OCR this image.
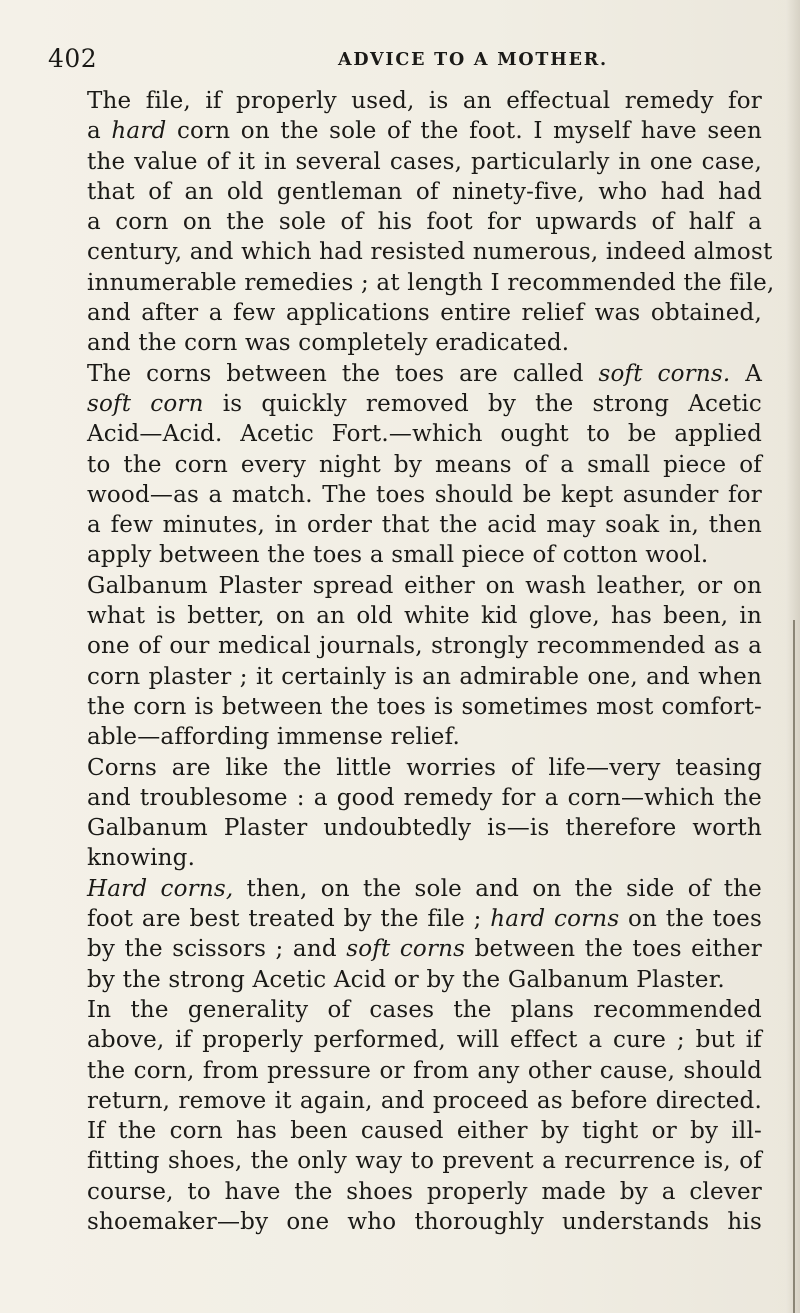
402	ADVICE TO A MOTHER.
The file, if properly used, is an effectual remedy for
a hard corn on the sole of the foot. I myself have seen
the value of it in several cases, particularly in one case,
that of an old gentleman of ninety-five, who had had
a corn on the sole of his foot for upwards of half a
century, and which had resisted numerous, indeed almost
innumerable remedies ; at length I recommended the file,
and after a few applications entire relief was obtained,
and the corn was completely eradicated.
The corns between the toes are called soft corns. A
soft corn is quickly removed by the strong Acetic
Acid—Acid. Acetic Fort.—which ought to be applied
to the corn every night by means of a small piece of
wood—as a match. The toes should be kept asunder for
a few minutes, in order that the acid may soak in, then
apply between the toes a small piece of cotton wool.
Galbanum Plaster spread either on wash leather, or on
what is better, on an old white kid glove, has been, in
one of our medical journals, strongly recommended as a
corn plaster ; it certainly is an admirable one, and when
the corn is between the toes is sometimes most comfort-
able—affording immense relief.
Corns are like the little worries of life—very teasing
and troublesome : a good remedy for a corn—which the
Galbanum Plaster undoubtedly is—is therefore worth
knowing.
Hard corns, then, on the sole and on the side of the
foot are best treated by the file ; hard corns on the toes
by the scissors ; and soft corns between the toes either
by the strong Acetic Acid or by the Galbanum Plaster.
In the generality of cases the plans recommended
above, if properly performed, will effect a cure ; but if
the corn, from pressure or from any other cause, should
return, remove it again, and proceed as before directed.
If the corn has been caused either by tight or by ill-
fitting shoes, the only way to prevent a recurrence is, of
course, to have the shoes properly made by a clever
shoemaker—by one who thoroughly understands his
